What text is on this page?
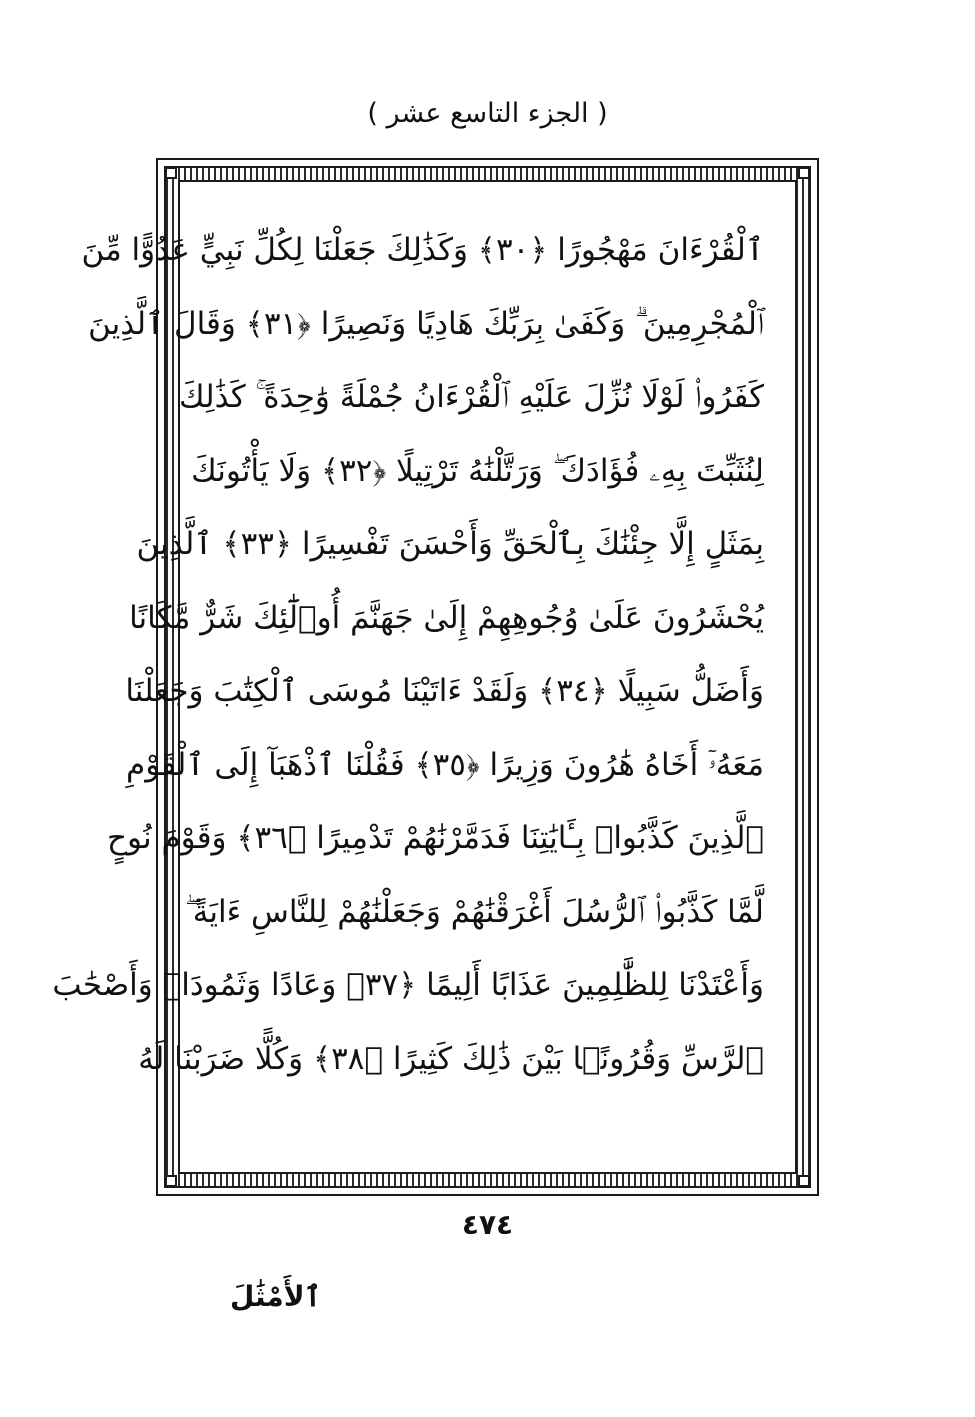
( الجزء التاسع عشر )
ٱلْقُرْءَانَ مَهْجُورًا ﴿٣٠﴾ وَكَذَٰلِكَ جَعَلْنَا لِكُلِّ نَبِيٍّ عَدُوًّا مِّنَ
ٱلْمُجْرِمِينَ ۗ وَكَفَىٰ بِرَبِّكَ هَادِيًا وَنَصِيرًا ﴿٣١﴾ وَقَالَ ٱلَّذِينَ
كَفَرُوا۟ لَوْلَا نُزِّلَ عَلَيْهِ ٱلْقُرْءَانُ جُمْلَةً وَٰحِدَةً ۚ كَذَٰلِكَ
لِنُثَبِّتَ بِهِۦ فُؤَادَكَ ۖ وَرَتَّلْنَٰهُ تَرْتِيلًا ﴿٣٢﴾ وَلَا يَأْتُونَكَ
بِمَثَلٍ إِلَّا جِئْنَٰكَ بِٱلْحَقِّ وَأَحْسَنَ تَفْسِيرًا ﴿٣٣﴾ ٱلَّذِينَ
يُحْشَرُونَ عَلَىٰ وُجُوهِهِمْ إِلَىٰ جَهَنَّمَ أُو۟لَٰٓئِكَ شَرٌّ مَّكَانًا
وَأَضَلُّ سَبِيلًا ﴿٣٤﴾ وَلَقَدْ ءَاتَيْنَا مُوسَى ٱلْكِتَٰبَ وَجَعَلْنَا
مَعَهُۥٓ أَخَاهُ هَٰرُونَ وَزِيرًا ﴿٣٥﴾ فَقُلْنَا ٱذْهَبَآ إِلَى ٱلْقَوْمِ
ٱلَّذِينَ كَذَّبُوا۟ بِـَٔايَٰتِنَا فَدَمَّرْنَٰهُمْ تَدْمِيرًا ﴿٣٦﴾ وَقَوْمَ نُوحٍ
لَّمَّا كَذَّبُوا۟ ٱلرُّسُلَ أَغْرَقْنَٰهُمْ وَجَعَلْنَٰهُمْ لِلنَّاسِ ءَايَةً ۖ
وَأَعْتَدْنَا لِلظَّٰلِمِينَ عَذَابًا أَلِيمًا ﴿٣٧﴾ وَعَادًا وَثَمُودَا۟ وَأَصْحَٰبَ
ٱلرَّسِّ وَقُرُونًۢا بَيْنَ ذَٰلِكَ كَثِيرًا ﴿٣٨﴾ وَكُلًّا ضَرَبْنَا لَهُ
٤٧٤
ٱلأَمْثَٰلَ
